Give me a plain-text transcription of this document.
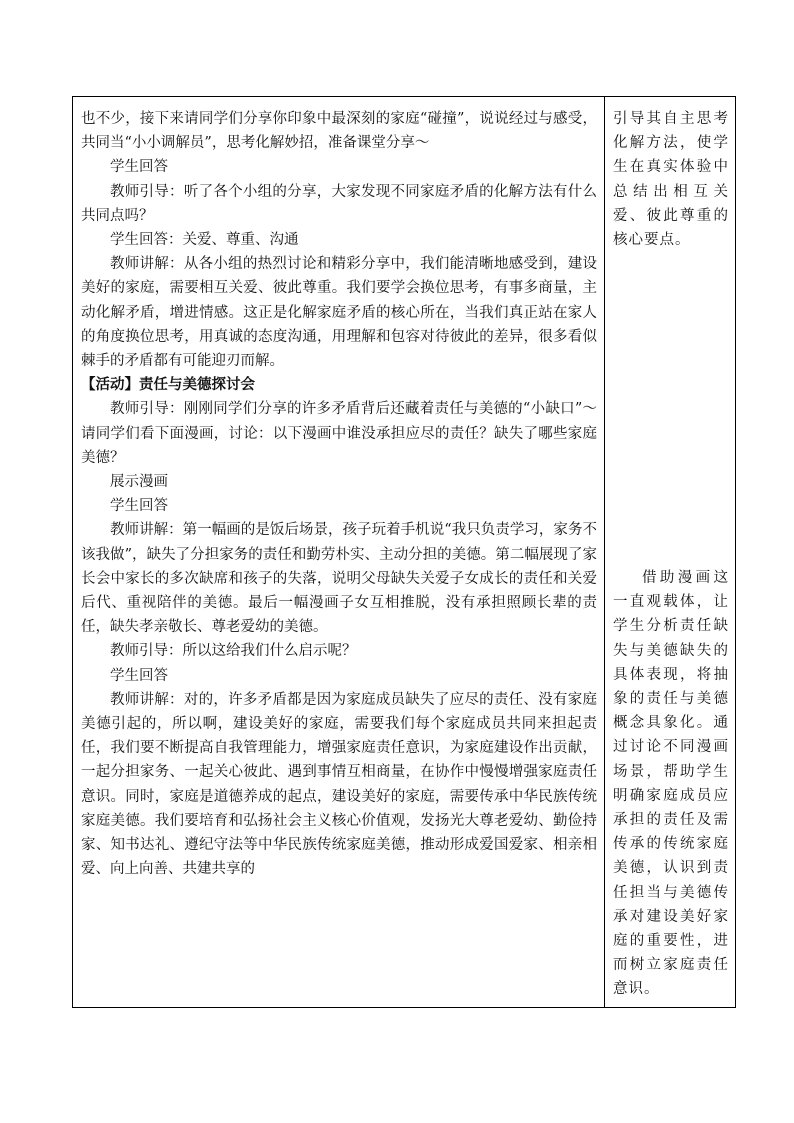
也不少，接下来请同学们分享你印象中最深刻的家庭“碰撞”，说说经过与感受，共同当“小小调解员”，思考化解妙招，准备课堂分享～

学生回答

教师引导：听了各个小组的分享，大家发现不同家庭矛盾的化解方法有什么共同点吗？

学生回答：关爱、尊重、沟通

教师讲解：从各小组的热烈讨论和精彩分享中，我们能清晰地感受到，建设美好的家庭，需要相互关爱、彼此尊重。我们要学会换位思考，有事多商量，主动化解矛盾，增进情感。这正是化解家庭矛盾的核心所在，当我们真正站在家人的角度换位思考，用真诚的态度沟通，用理解和包容对待彼此的差异，很多看似棘手的矛盾都有可能迎刃而解。

【活动】责任与美德探讨会

教师引导：刚刚同学们分享的许多矛盾背后还藏着责任与美德的“小缺口”～请同学们看下面漫画，讨论：以下漫画中谁没承担应尽的责任？缺失了哪些家庭美德？

展示漫画

学生回答

教师讲解：第一幅画的是饭后场景，孩子玩着手机说“我只负责学习，家务不该我做”，缺失了分担家务的责任和勤劳朴实、主动分担的美德。第二幅展现了家长会中家长的多次缺席和孩子的失落，说明父母缺失关爱子女成长的责任和关爱后代、重视陪伴的美德。最后一幅漫画子女互相推脱，没有承担照顾长辈的责任，缺失孝亲敬长、尊老爱幼的美德。

教师引导：所以这给我们什么启示呢？

学生回答

教师讲解：对的，许多矛盾都是因为家庭成员缺失了应尽的责任、没有家庭美德引起的，所以啊，建设美好的家庭，需要我们每个家庭成员共同来担起责任，我们要不断提高自我管理能力，增强家庭责任意识，为家庭建设作出贡献，一起分担家务、一起关心彼此、遇到事情互相商量，在协作中慢慢增强家庭责任意识。同时，家庭是道德养成的起点，建设美好的家庭，需要传承中华民族传统家庭美德。我们要培育和弘扬社会主义核心价值观，发扬光大尊老爱幼、勤俭持家、知书达礼、遵纪守法等中华民族传统家庭美德，推动形成爱国爱家、相亲相爱、向上向善、共建共享的

引导其自主思考化解方法，使学生在真实体验中总结出相互关爱、彼此尊重的核心要点。

借助漫画这一直观载体，让学生分析责任缺失与美德缺失的具体表现，将抽象的责任与美德概念具象化。通过讨论不同漫画场景，帮助学生明确家庭成员应承担的责任及需传承的传统家庭美德，认识到责任担当与美德传承对建设美好家庭的重要性，进而树立家庭责任意识。
